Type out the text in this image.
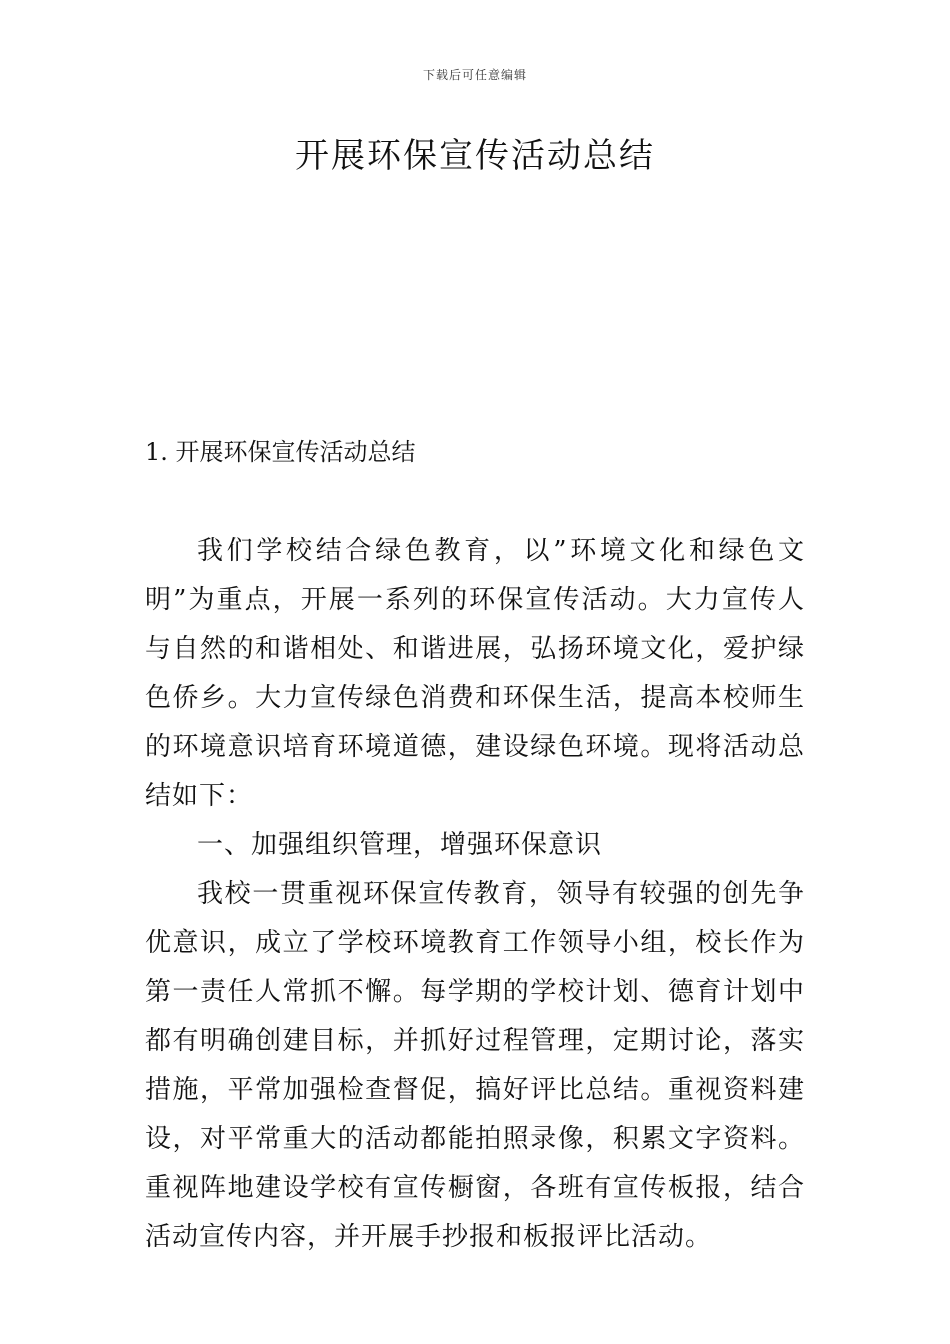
下载后可任意编辑
开展环保宣传活动总结
1. 开展环保宣传活动总结

我们学校结合绿色教育，以”环境文化和绿色文明”为重点，开展一系列的环保宣传活动。大力宣传人与自然的和谐相处、和谐进展，弘扬环境文化，爱护绿色侨乡。大力宣传绿色消费和环保生活，提高本校师生的环境意识培育环境道德，建设绿色环境。现将活动总结如下：

一、加强组织管理，增强环保意识

我校一贯重视环保宣传教育，领导有较强的创先争优意识，成立了学校环境教育工作领导小组，校长作为第一责任人常抓不懈。每学期的学校计划、德育计划中都有明确创建目标，并抓好过程管理，定期讨论，落实措施，平常加强检查督促，搞好评比总结。重视资料建设，对平常重大的活动都能拍照录像，积累文字资料。重视阵地建设学校有宣传橱窗，各班有宣传板报，结合活动宣传内容，并开展手抄报和板报评比活动。
